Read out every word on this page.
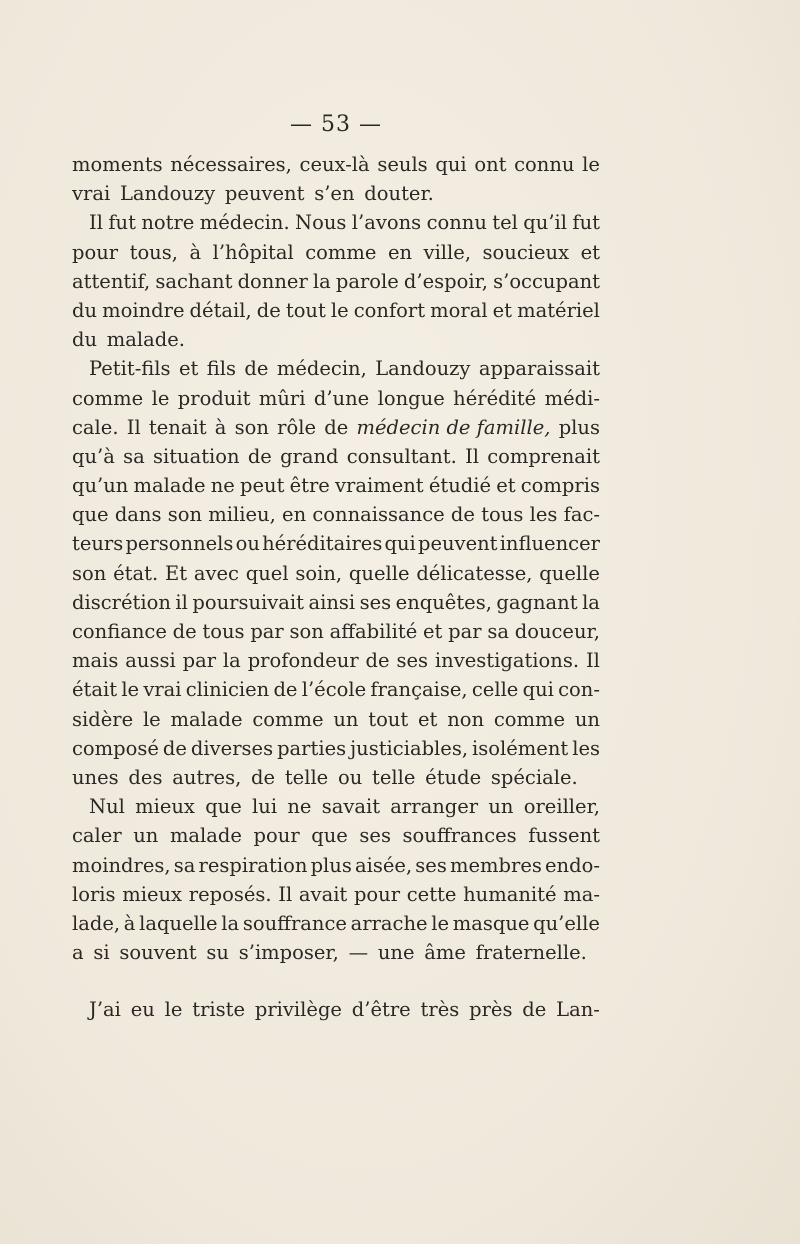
— 53 —
moments nécessaires, ceux-là seuls qui ont connu le
vrai Landouzy peuvent s’en douter.
Il fut notre médecin. Nous l’avons connu tel qu’il fut
pour tous, à l’hôpital comme en ville, soucieux et
attentif, sachant donner la parole d’espoir, s’occupant
du moindre détail, de tout le confort moral et matériel
du malade.
Petit-fils et fils de médecin, Landouzy apparaissait
comme le produit mûri d’une longue hérédité médi-
cale. Il tenait à son rôle de médecin de famille, plus
qu’à sa situation de grand consultant. Il comprenait
qu’un malade ne peut être vraiment étudié et compris
que dans son milieu, en connaissance de tous les fac-
teurs personnels ou héréditaires qui peuvent influencer
son état. Et avec quel soin, quelle délicatesse, quelle
discrétion il poursuivait ainsi ses enquêtes, gagnant la
confiance de tous par son affabilité et par sa douceur,
mais aussi par la profondeur de ses investigations. Il
était le vrai clinicien de l’école française, celle qui con-
sidère le malade comme un tout et non comme un
composé de diverses parties justiciables, isolément les
unes des autres, de telle ou telle étude spéciale.
Nul mieux que lui ne savait arranger un oreiller,
caler un malade pour que ses souffrances fussent
moindres, sa respiration plus aisée, ses membres endo-
loris mieux reposés. Il avait pour cette humanité ma-
lade, à laquelle la souffrance arrache le masque qu’elle
a si souvent su s’imposer, — une âme fraternelle.
J’ai eu le triste privilège d’être très près de Lan-
